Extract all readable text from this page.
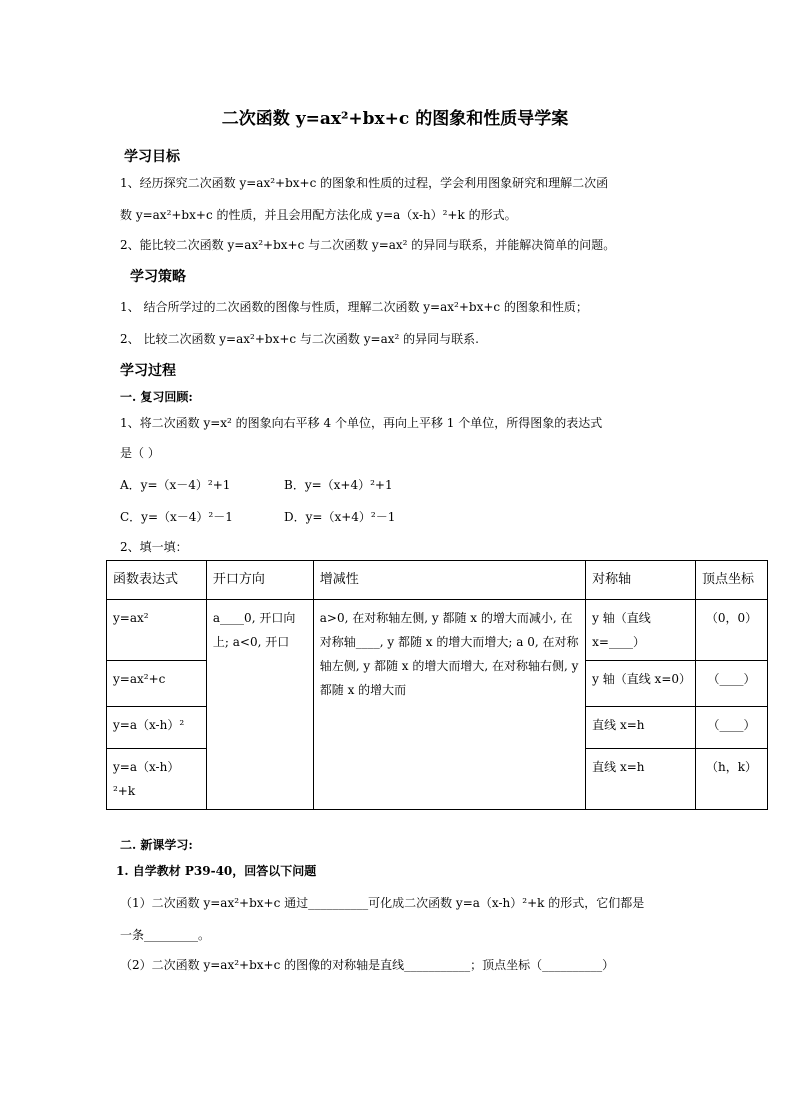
二次函数 y=ax²+bx+c 的图象和性质导学案
学习目标
1、经历探究二次函数 y=ax²+bx+c 的图象和性质的过程，学会利用图象研究和理解二次函
数 y=ax²+bx+c 的性质，并且会用配方法化成 y=a（x-h）²+k 的形式。
2、能比较二次函数 y=ax²+bx+c 与二次函数 y=ax² 的异同与联系，并能解决简单的问题。
学习策略
1、 结合所学过的二次函数的图像与性质，理解二次函数 y=ax²+bx+c 的图象和性质；
2、 比较二次函数 y=ax²+bx+c 与二次函数 y=ax² 的异同与联系.
学习过程
一. 复习回顾:
1、将二次函数 y=x² 的图象向右平移 4 个单位，再向上平移 1 个单位，所得图象的表达式
是（ ）
A．y=（x－4）²+1	B．y=（x+4）²+1
C．y=（x－4）²－1	D．y=（x+4）²－1
2、填一填：
函数表达式	开口方向	增减性	对称轴	顶点坐标
y=ax²	a____0, 开口向上; a<0, 开口	a>0, 在对称轴左侧, y 都随 x 的增大而减小, 在对称轴____, y 都随 x 的增大而增大; a 0, 在对称轴左侧, y 都随 x 的增大而增大, 在对称轴右侧, y 都随 x 的增大而	y 轴（直线 x=____）	（0，0）
y=ax²+c			y 轴（直线 x=0）	（____）
y=a（x-h）²			直线 x=h	（____）
y=a（x-h）²+k			直线 x=h	（h，k）
二. 新课学习:
1. 自学教材 P39-40，回答以下问题
（1）二次函数 y=ax²+bx+c 通过__________可化成二次函数 y=a（x-h）²+k 的形式，它们都是
一条_________。
（2）二次函数 y=ax²+bx+c 的图像的对称轴是直线___________；顶点坐标（__________）
